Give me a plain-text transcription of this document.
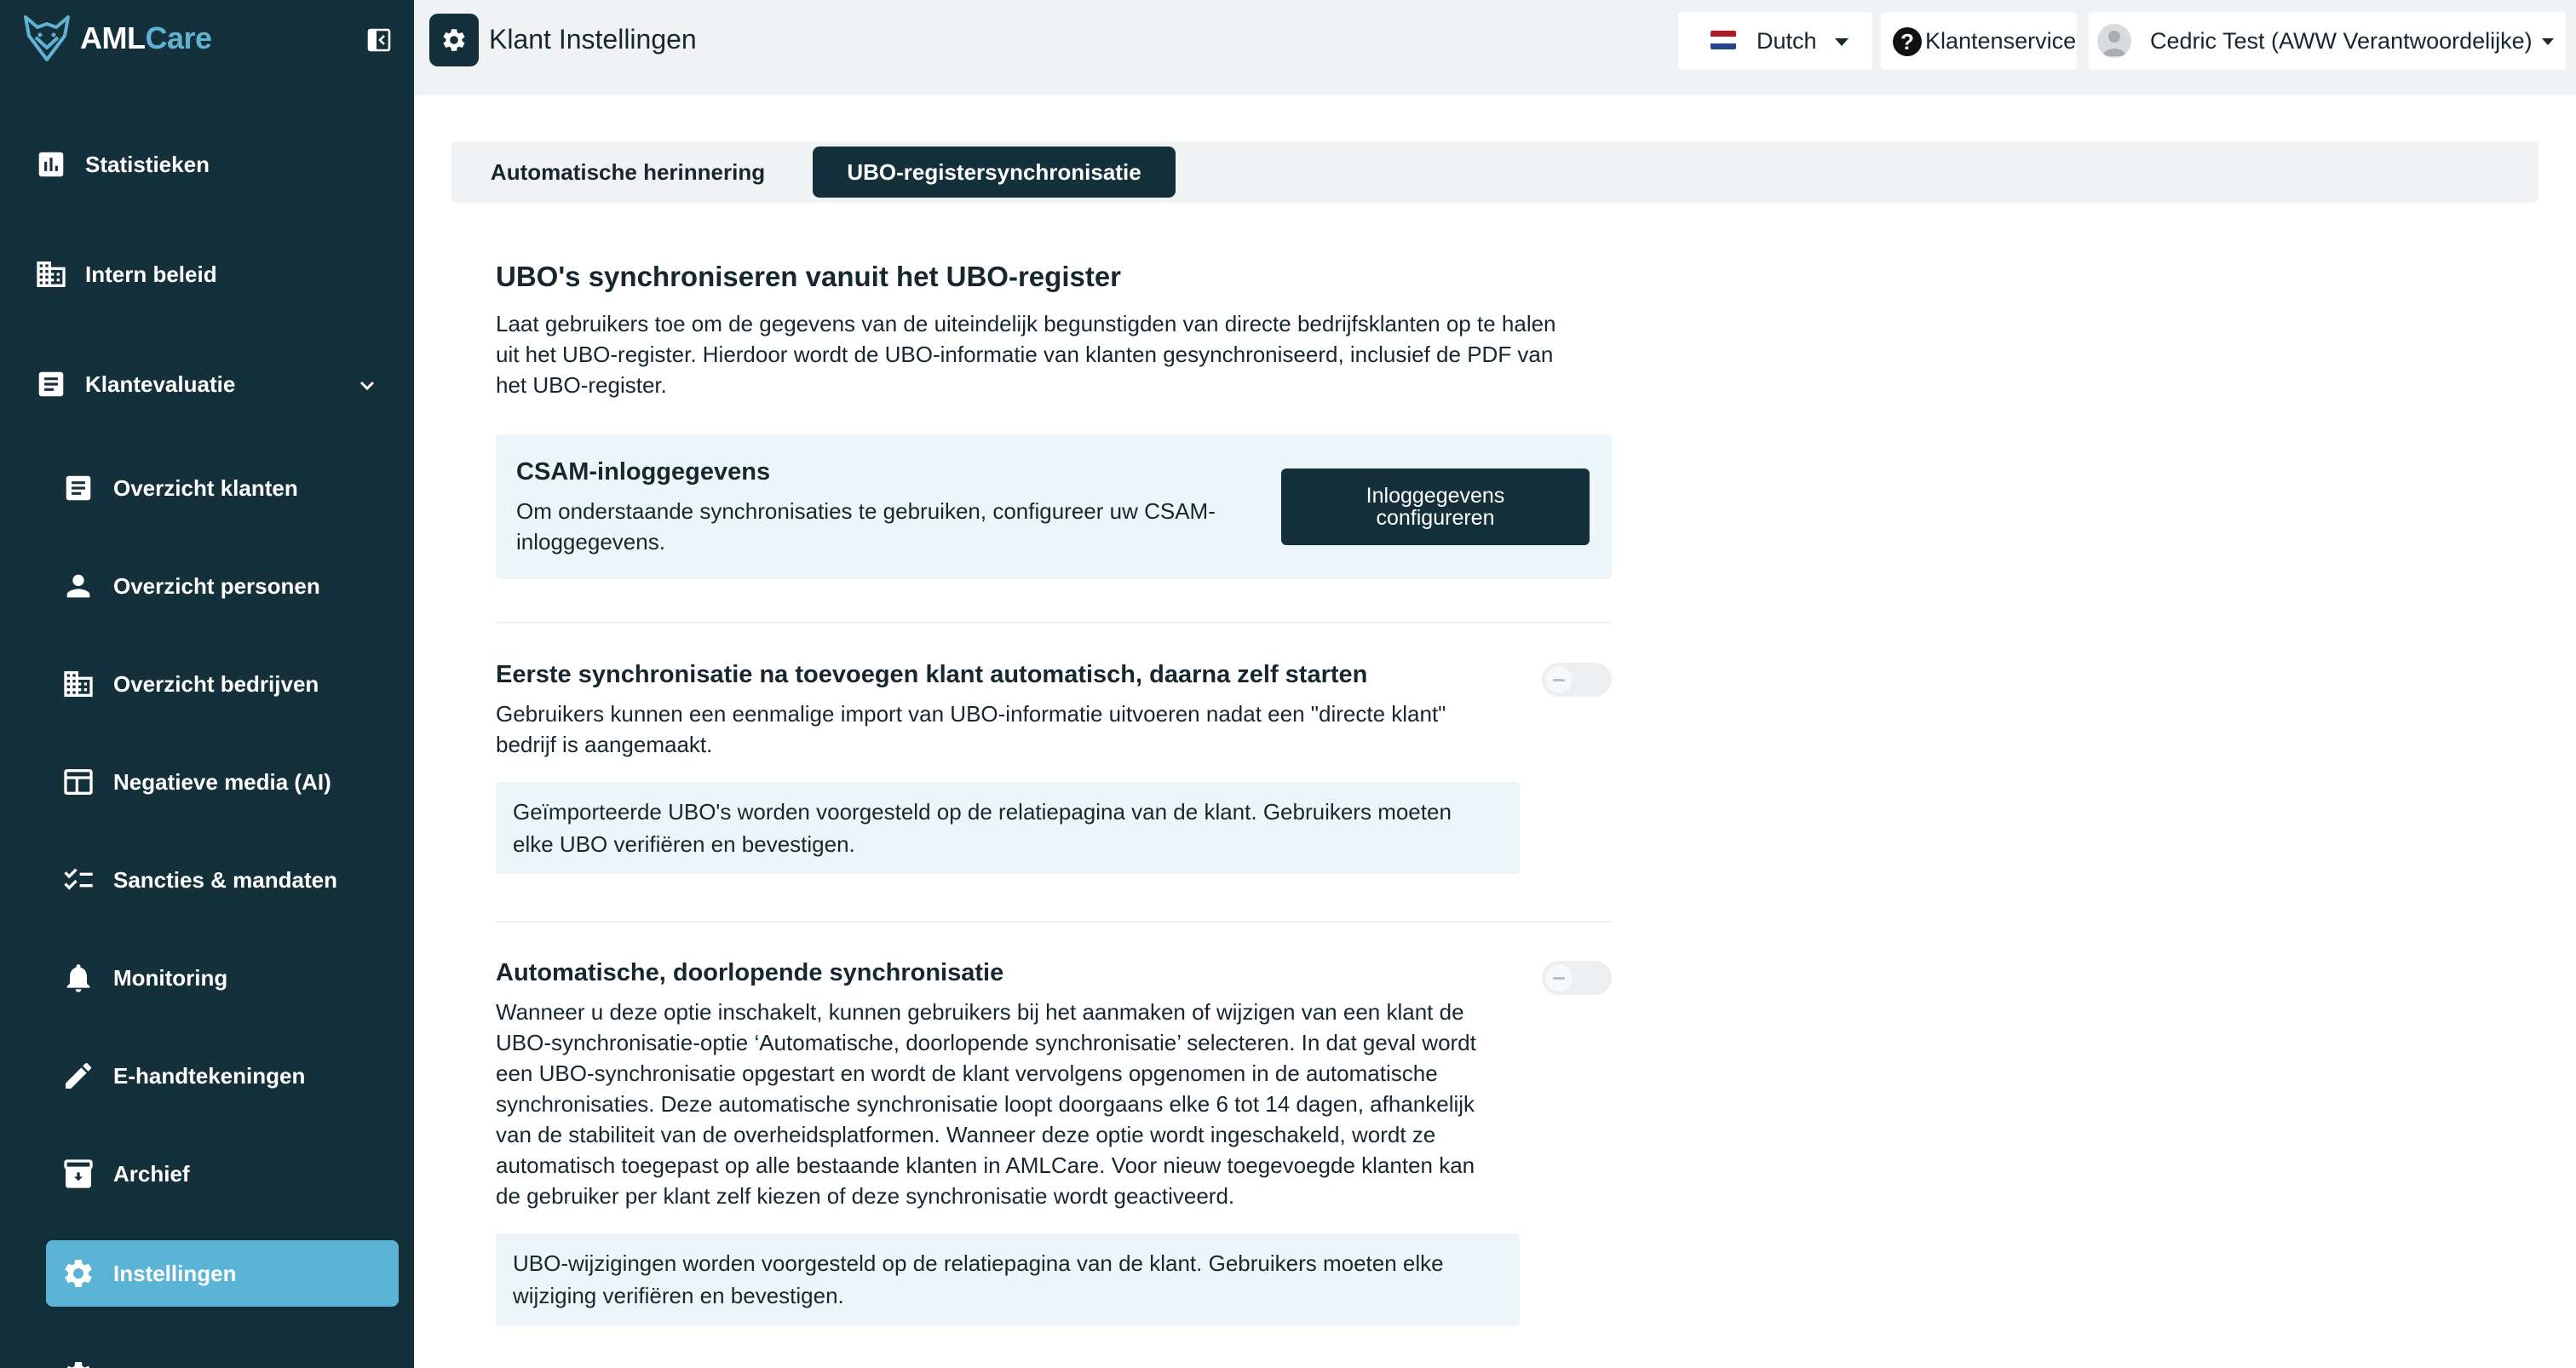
AMLCare
Statistieken
Intern beleid
Klantevaluatie
Overzicht klanten
Overzicht personen
Overzicht bedrijven
Negatieve media (AI)
Sancties & mandaten
Monitoring
E-handtekeningen
Archief
Instellingen
Klant Instellingen	Dutch	? Klantenservice	Cedric Test (AWW Verantwoordelijke)
Automatische herinnering	UBO-registersynchronisatie
UBO's synchroniseren vanuit het UBO-register
Laat gebruikers toe om de gegevens van de uiteindelijk begunstigden van directe bedrijfsklanten op te halen
uit het UBO-register. Hierdoor wordt de UBO-informatie van klanten gesynchroniseerd, inclusief de PDF van
het UBO-register.
CSAM-inloggegevens
Om onderstaande synchronisaties te gebruiken, configureer uw CSAM-
inloggegevens.
Inloggegevens
configureren
Eerste synchronisatie na toevoegen klant automatisch, daarna zelf starten
Gebruikers kunnen een eenmalige import van UBO-informatie uitvoeren nadat een "directe klant"
bedrijf is aangemaakt.
Geïmporteerde UBO's worden voorgesteld op de relatiepagina van de klant. Gebruikers moeten
elke UBO verifiëren en bevestigen.
Automatische, doorlopende synchronisatie
Wanneer u deze optie inschakelt, kunnen gebruikers bij het aanmaken of wijzigen van een klant de
UBO-synchronisatie-optie ‘Automatische, doorlopende synchronisatie’ selecteren. In dat geval wordt
een UBO-synchronisatie opgestart en wordt de klant vervolgens opgenomen in de automatische
synchronisaties. Deze automatische synchronisatie loopt doorgaans elke 6 tot 14 dagen, afhankelijk
van de stabiliteit van de overheidsplatformen. Wanneer deze optie wordt ingeschakeld, wordt ze
automatisch toegepast op alle bestaande klanten in AMLCare. Voor nieuw toegevoegde klanten kan
de gebruiker per klant zelf kiezen of deze synchronisatie wordt geactiveerd.
UBO-wijzigingen worden voorgesteld op de relatiepagina van de klant. Gebruikers moeten elke
wijziging verifiëren en bevestigen.
